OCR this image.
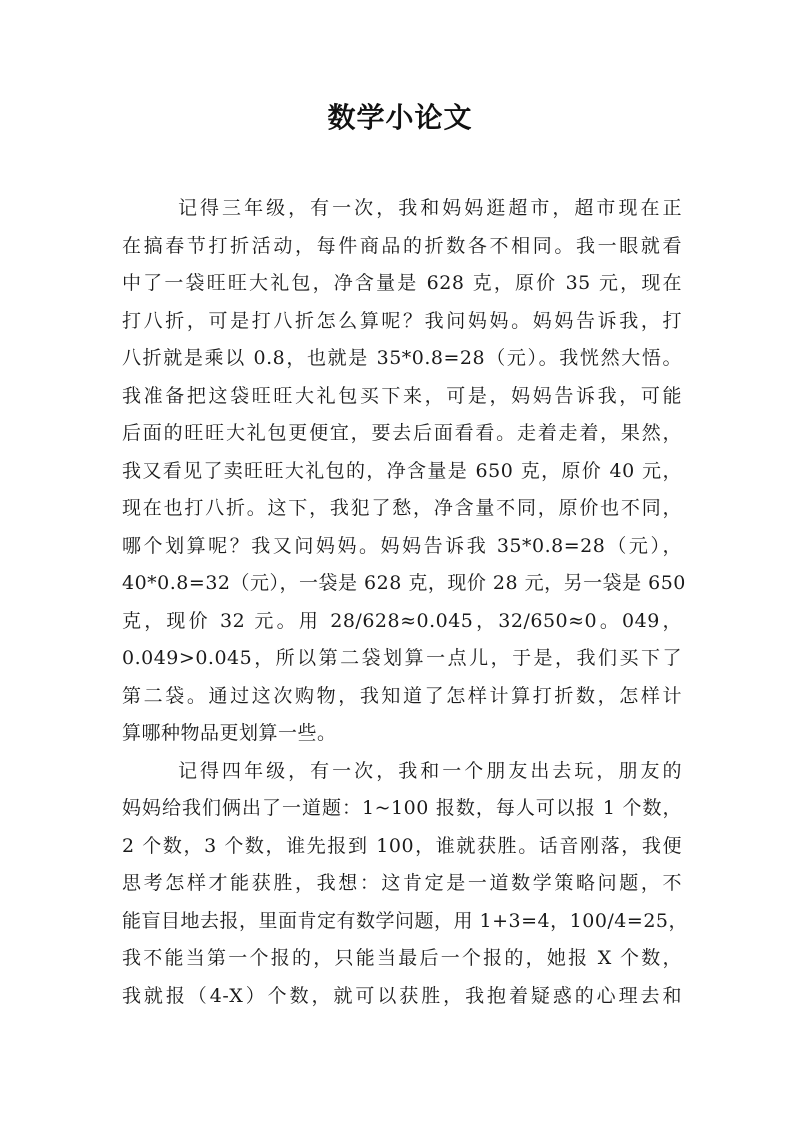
数学小论文
记得三年级，有一次，我和妈妈逛超市，超市现在正
在搞春节打折活动，每件商品的折数各不相同。我一眼就看
中了一袋旺旺大礼包，净含量是 628 克，原价 35 元，现在
打八折，可是打八折怎么算呢？我问妈妈。妈妈告诉我，打
八折就是乘以 0.8，也就是 35*0.8=28（元）。我恍然大悟。
我准备把这袋旺旺大礼包买下来，可是，妈妈告诉我，可能
后面的旺旺大礼包更便宜，要去后面看看。走着走着，果然，
我又看见了卖旺旺大礼包的，净含量是 650 克，原价 40 元，
现在也打八折。这下，我犯了愁，净含量不同，原价也不同，
哪个划算呢？我又问妈妈。妈妈告诉我 35*0.8=28（元），
40*0.8=32（元），一袋是 628 克，现价 28 元，另一袋是 650
克，现价 32 元。用 28/628≈0.045，32/650≈0。049，
0.049>0.045，所以第二袋划算一点儿，于是，我们买下了
第二袋。通过这次购物，我知道了怎样计算打折数，怎样计
算哪种物品更划算一些。
记得四年级，有一次，我和一个朋友出去玩，朋友的
妈妈给我们俩出了一道题：1~100 报数，每人可以报 1 个数，
2 个数，3 个数，谁先报到 100，谁就获胜。话音刚落，我便
思考怎样才能获胜，我想：这肯定是一道数学策略问题，不
能盲目地去报，里面肯定有数学问题，用 1+3=4，100/4=25，
我不能当第一个报的，只能当最后一个报的，她报 X 个数，
我就报（4-X）个数，就可以获胜，我抱着疑惑的心理去和
